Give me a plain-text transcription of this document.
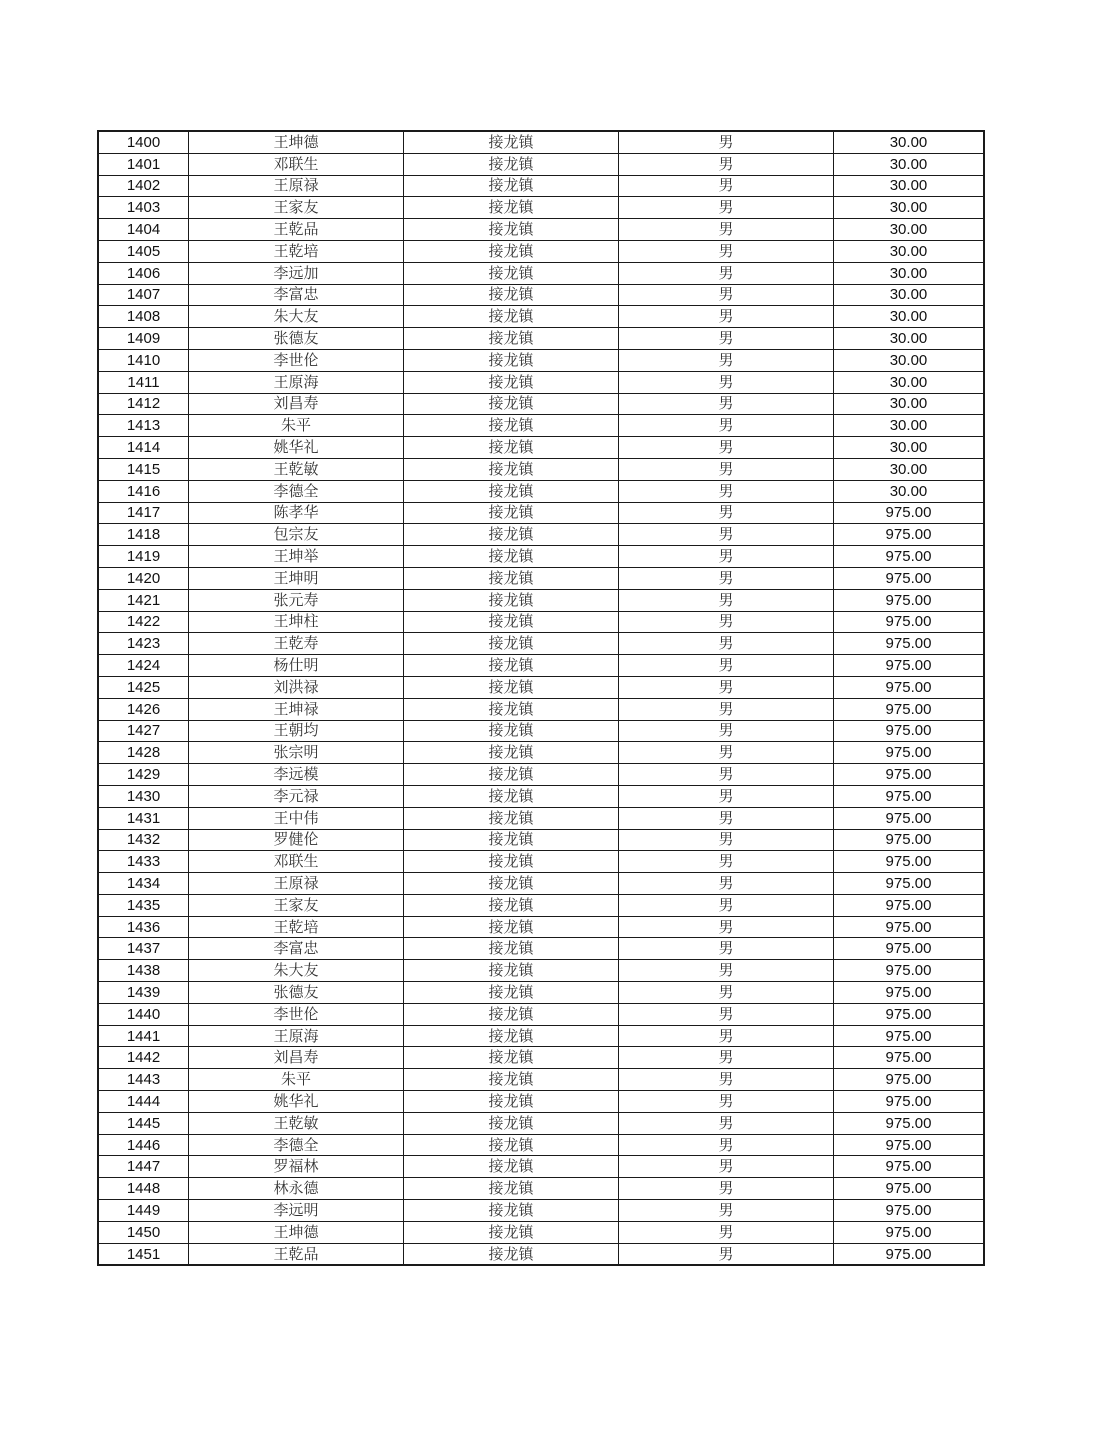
1400	王坤德	接龙镇	男	30.00
1401	邓联生	接龙镇	男	30.00
1402	王原禄	接龙镇	男	30.00
1403	王家友	接龙镇	男	30.00
1404	王乾品	接龙镇	男	30.00
1405	王乾培	接龙镇	男	30.00
1406	李远加	接龙镇	男	30.00
1407	李富忠	接龙镇	男	30.00
1408	朱大友	接龙镇	男	30.00
1409	张德友	接龙镇	男	30.00
1410	李世伦	接龙镇	男	30.00
1411	王原海	接龙镇	男	30.00
1412	刘昌寿	接龙镇	男	30.00
1413	朱平	接龙镇	男	30.00
1414	姚华礼	接龙镇	男	30.00
1415	王乾敏	接龙镇	男	30.00
1416	李德全	接龙镇	男	30.00
1417	陈孝华	接龙镇	男	975.00
1418	包宗友	接龙镇	男	975.00
1419	王坤举	接龙镇	男	975.00
1420	王坤明	接龙镇	男	975.00
1421	张元寿	接龙镇	男	975.00
1422	王坤柱	接龙镇	男	975.00
1423	王乾寿	接龙镇	男	975.00
1424	杨仕明	接龙镇	男	975.00
1425	刘洪禄	接龙镇	男	975.00
1426	王坤禄	接龙镇	男	975.00
1427	王朝均	接龙镇	男	975.00
1428	张宗明	接龙镇	男	975.00
1429	李远模	接龙镇	男	975.00
1430	李元禄	接龙镇	男	975.00
1431	王中伟	接龙镇	男	975.00
1432	罗健伦	接龙镇	男	975.00
1433	邓联生	接龙镇	男	975.00
1434	王原禄	接龙镇	男	975.00
1435	王家友	接龙镇	男	975.00
1436	王乾培	接龙镇	男	975.00
1437	李富忠	接龙镇	男	975.00
1438	朱大友	接龙镇	男	975.00
1439	张德友	接龙镇	男	975.00
1440	李世伦	接龙镇	男	975.00
1441	王原海	接龙镇	男	975.00
1442	刘昌寿	接龙镇	男	975.00
1443	朱平	接龙镇	男	975.00
1444	姚华礼	接龙镇	男	975.00
1445	王乾敏	接龙镇	男	975.00
1446	李德全	接龙镇	男	975.00
1447	罗福林	接龙镇	男	975.00
1448	林永德	接龙镇	男	975.00
1449	李远明	接龙镇	男	975.00
1450	王坤德	接龙镇	男	975.00
1451	王乾品	接龙镇	男	975.00
